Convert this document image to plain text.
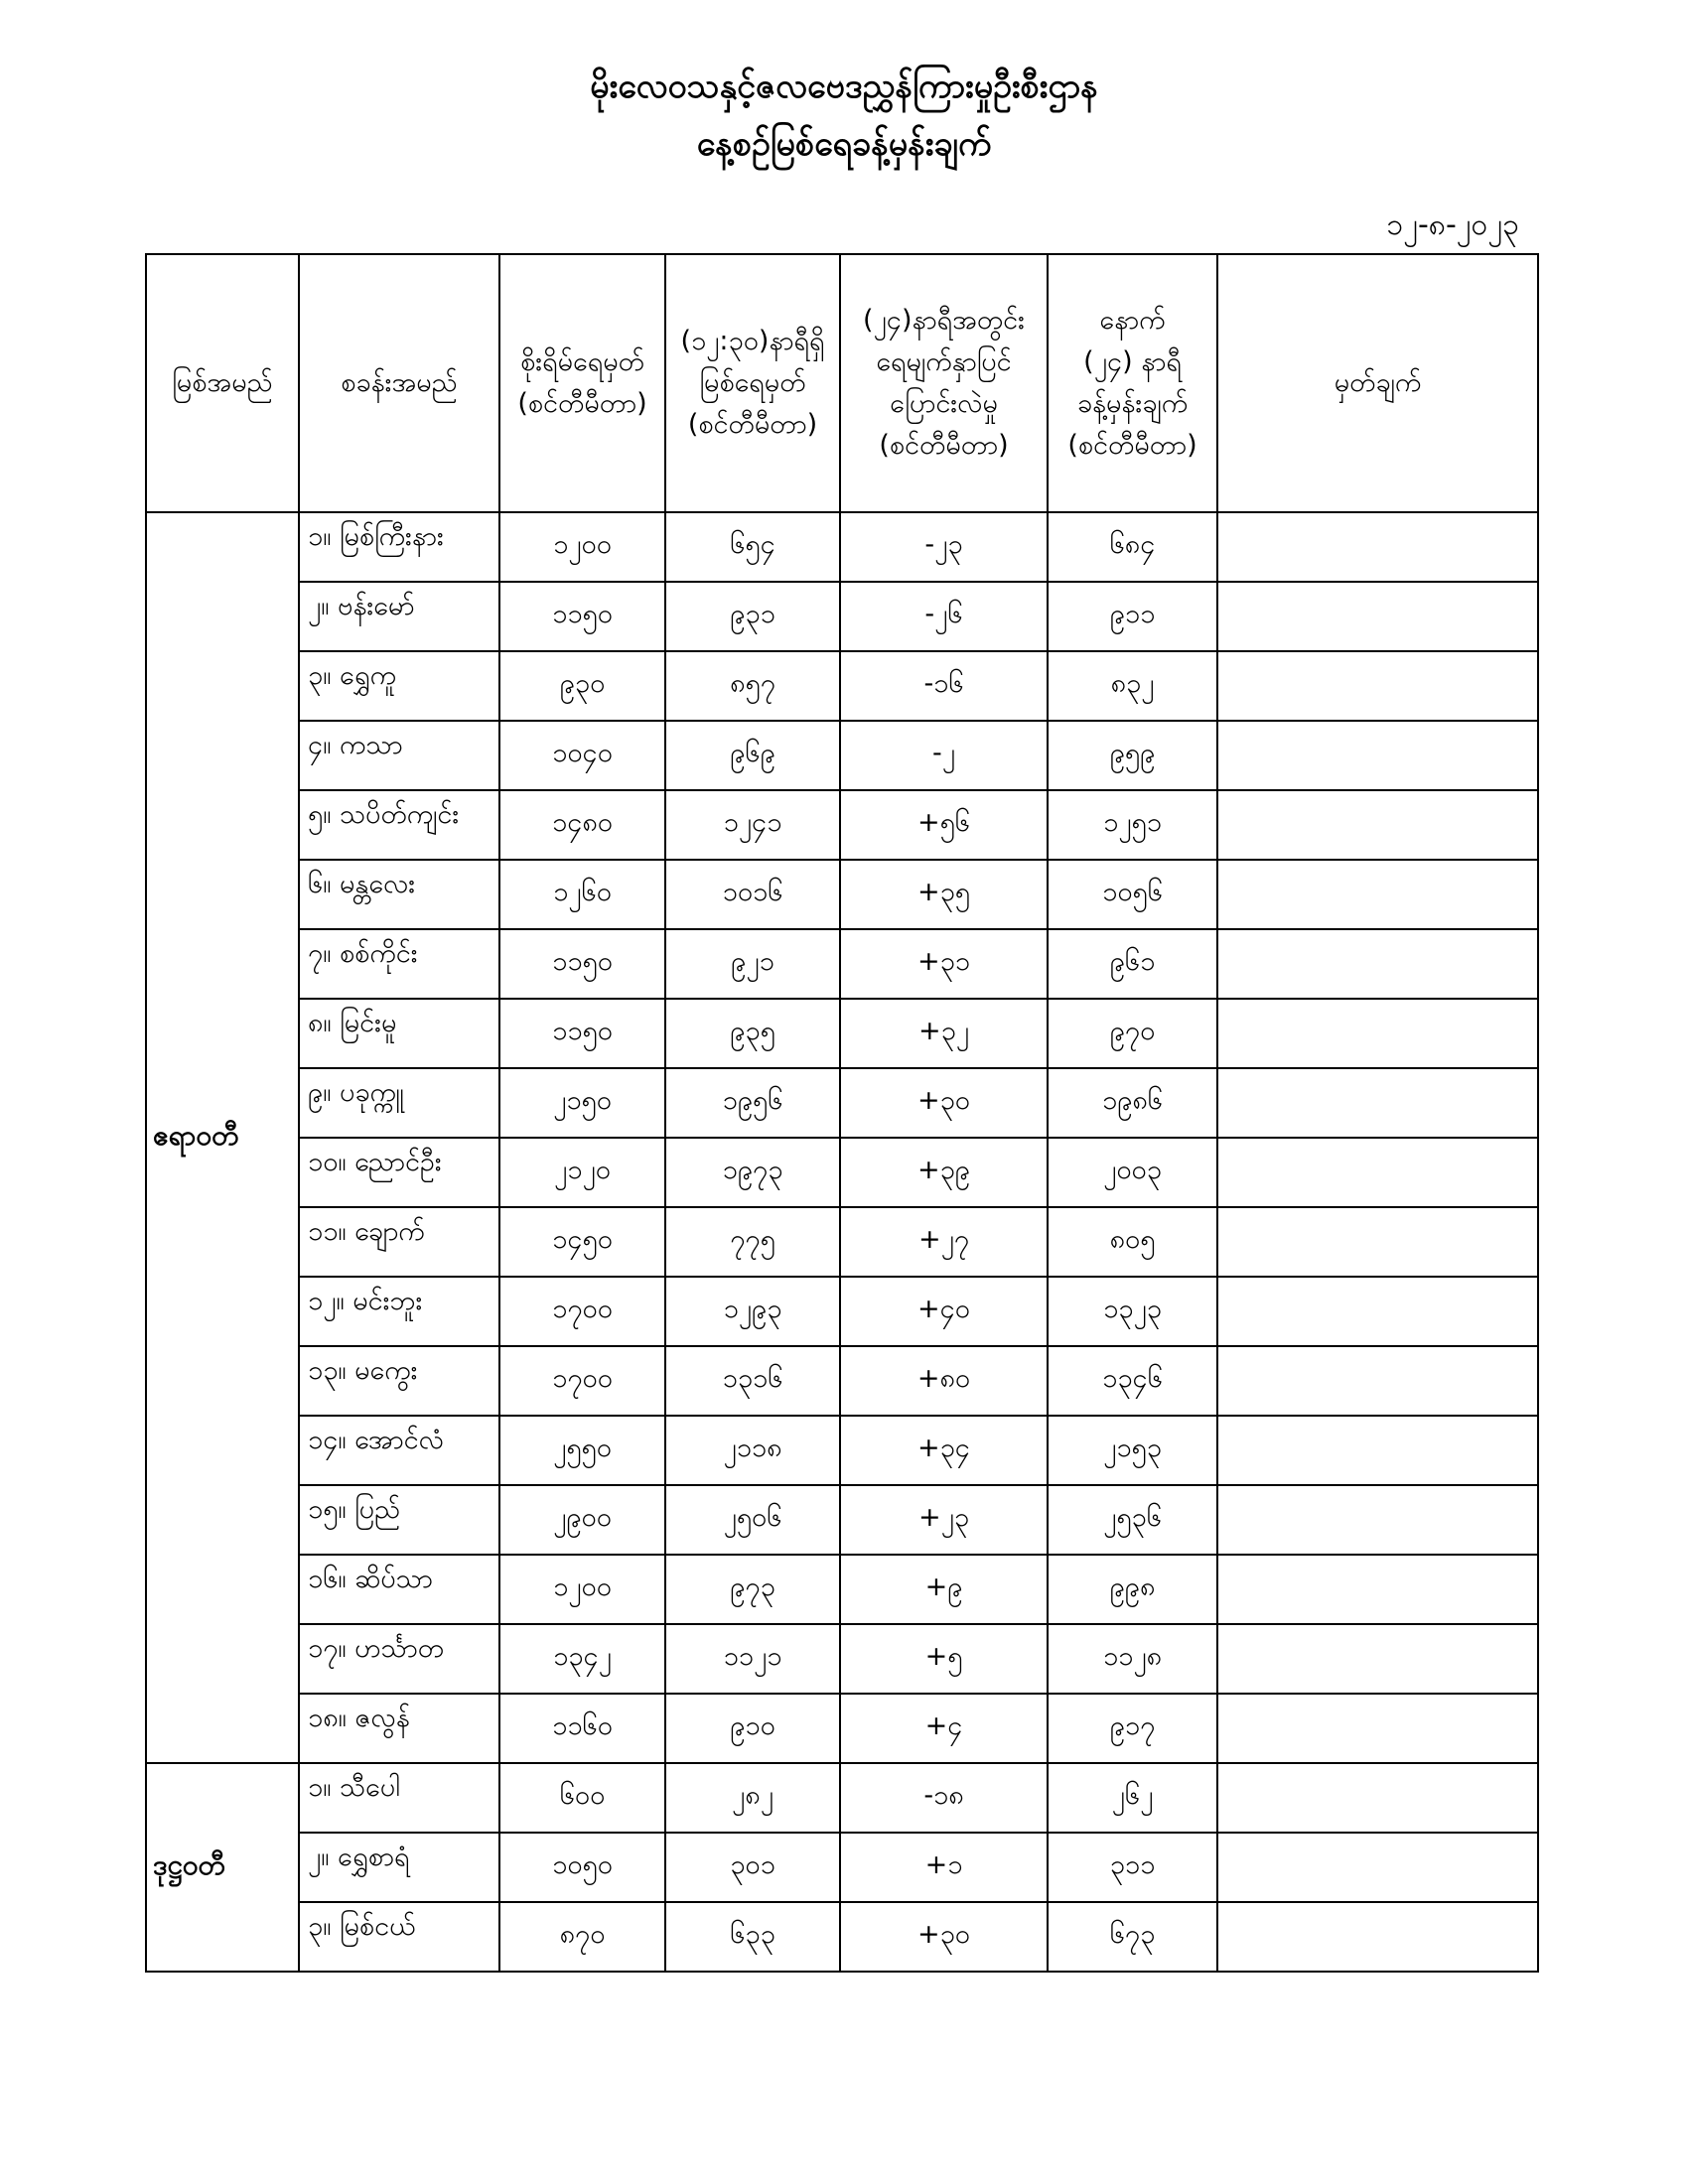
မိုးလေဝသနှင့်ဇလဗေဒညွှန်ကြားမှုဦးစီးဌာန
နေ့စဉ်မြစ်ရေခန့်မှန်းချက်
၁၂-၈-၂၀၂၃
မြစ်အမည်	စခန်းအမည်	စိုးရိမ်ရေမှတ်
(စင်တီမီတာ)	(၁၂:၃၀)နာရီရှိ
မြစ်ရေမှတ်
(စင်တီမီတာ)	(၂၄)နာရီအတွင်း
ရေမျက်နှာပြင်
ပြောင်းလဲမှု
(စင်တီမီတာ)	နောက်
(၂၄) နာရီ
ခန့်မှန်းချက်
(စင်တီမီတာ)	မှတ်ချက်
ဧရာဝတီ	၁။ မြစ်ကြီးနား	၁၂၀၀	၆၅၄	-၂၃	၆၈၄	
	၂။ ဗန်းမော်	၁၁၅၀	၉၃၁	-၂၆	၉၁၁	
	၃။ ရွှေကူ	၉၃၀	၈၅၇	-၁၆	၈၃၂	
	၄။ ကသာ	၁၀၄၀	၉၆၉	-၂	၉၅၉	
	၅။ သပိတ်ကျင်း	၁၄၈၀	၁၂၄၁	+၅၆	၁၂၅၁	
	၆။ မန္တလေး	၁၂၆၀	၁၀၁၆	+၃၅	၁၀၅၆	
	၇။ စစ်ကိုင်း	၁၁၅၀	၉၂၁	+၃၁	၉၆၁	
	၈။ မြင်းမူ	၁၁၅၀	၉၃၅	+၃၂	၉၇၀	
	၉။ ပခုက္ကူ	၂၁၅၀	၁၉၅၆	+၃၀	၁၉၈၆	
	၁၀။ ညောင်ဦး	၂၁၂၀	၁၉၇၃	+၃၉	၂၀၀၃	
	၁၁။ ချောက်	၁၄၅၀	၇၇၅	+၂၇	၈၀၅	
	၁၂။ မင်းဘူး	၁၇၀၀	၁၂၉၃	+၄၀	၁၃၂၃	
	၁၃။ မကွေး	၁၇၀၀	၁၃၁၆	+၈၀	၁၃၄၆	
	၁၄။ အောင်လံ	၂၅၅၀	၂၁၁၈	+၃၄	၂၁၅၃	
	၁၅။ ပြည်	၂၉၀၀	၂၅၀၆	+၂၃	၂၅၃၆	
	၁၆။ ဆိပ်သာ	၁၂၀၀	၉၇၃	+၉	၉၉၈	
	၁၇။ ဟင်္သာတ	၁၃၄၂	၁၁၂၁	+၅	၁၁၂၈	
	၁၈။ ဇလွန်	၁၁၆၀	၉၁၀	+၄	၉၁၇	
ဒုဋ္ဌဝတီ	၁။ သီပေါ	၆၀၀	၂၈၂	-၁၈	၂၆၂	
	၂။ ရွှေစာရံ	၁၀၅၀	၃၀၁	+၁	၃၁၁	
	၃။ မြစ်ငယ်	၈၇၀	၆၃၃	+၃၀	၆၇၃	
